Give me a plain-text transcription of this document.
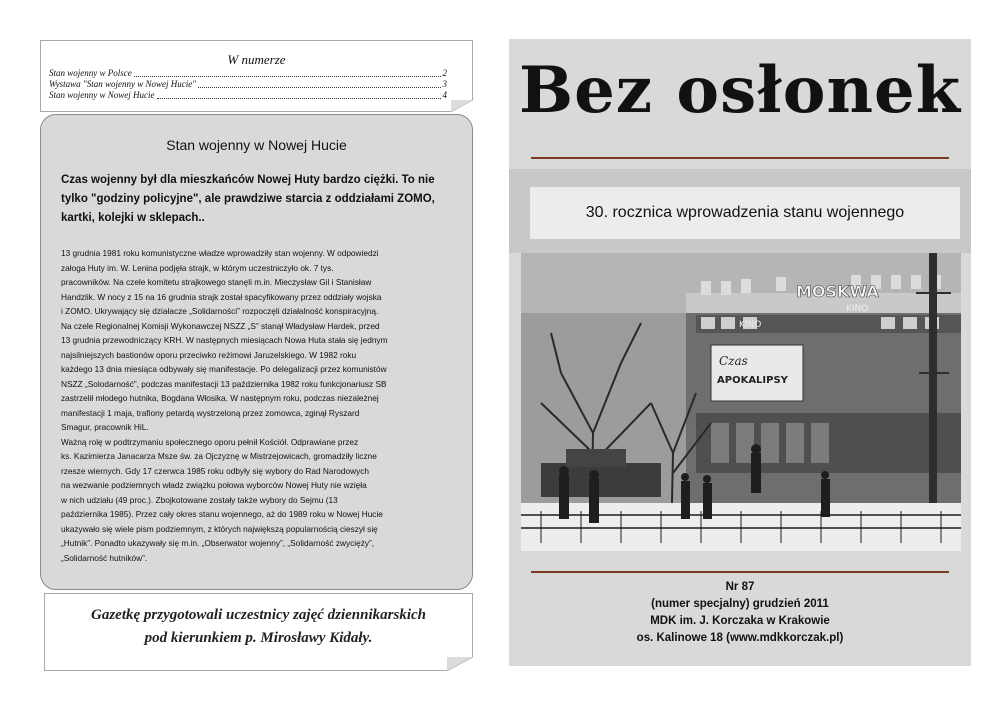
W numerze
Stan wojenny w Polsce	2
Wystawa "Stan wojenny w Nowej Hucie"	3
Stan wojenny w Nowej Hucie	4
Stan wojenny w Nowej Hucie
Czas wojenny był dla mieszkańców Nowej Huty bardzo ciężki. To nie tylko "godziny policyjne", ale prawdziwe starcia z oddziałami ZOMO, kartki, kolejki w sklepach..
13 grudnia 1981 roku komunistyczne władze wprowadziły stan wojenny. W odpowiedzi
załoga Huty im. W. Lenina podjęła strajk, w którym uczestniczyło ok. 7 tys.
pracowników. Na czele komitetu strajkowego stanęli m.in. Mieczysław Gil i Stanisław
Handzlik. W nocy z 15 na 16 grudnia strajk został spacyfikowany przez oddziały wojska
i ZOMO. Ukrywający się działacze „Solidarności” rozpoczęli działalność konspiracyjną.
Na czele Regionalnej Komisji Wykonawczej NSZZ „S” stanął Władysław Hardek, przed
13 grudnia przewodniczący KRH. W następnych miesiącach Nowa Huta stała się jednym
najsilniejszych bastionów oporu przeciwko reżimowi Jaruzelskiego. W 1982 roku
każdego 13 dnia miesiąca odbywały się manifestacje. Po delegalizacji przez komunistów
NSZZ „Solodarność”, podczas manifestacji 13 października 1982 roku funkcjonariusz SB
zastrzelił młodego hutnika, Bogdana Włosika. W następnym roku, podczas niezależnej
manifestacji 1 maja, trafiony petardą wystrzeloną przez zomowca, zginął Ryszard
Smagur, pracownik HiL.
Ważną rolę w podtrzymaniu społecznego oporu pełnił Kościół. Odprawiane przez
ks. Kazimierza Janacarza Msze św. za Ojczyznę w Mistrzejowicach, gromadziły liczne
rzesze wiernych. Gdy 17 czerwca 1985 roku odbyły się wybory do Rad Narodowych
na wezwanie podziemnych władz związku połowa wyborców Nowej Huty nie wzięła
w nich udziału (49 proc.). Zbojkotowane zostały także wybory do Sejmu (13
października 1985). Przez cały okres stanu wojennego, aż do 1989 roku w Nowej Hucie
ukazywało się wiele pism podziemnym, z których największą popularnością cieszył się
„Hutnik”. Ponadto ukazywały się m.in. „Obserwator wojenny”, „Solidarność zwycięży”,
„Solidarność hutników”.
Gazetkę przygotowali uczestnicy zajęć dziennikarskich
pod kierunkiem p. Mirosławy Kidały.
Bez osłonek
30. rocznica wprowadzenia stanu wojennego
MOSKWA
KINO
KINO
Czas
APOKALIPSY
Nr 87
(numer specjalny) grudzień 2011
MDK im. J. Korczaka w Krakowie
os. Kalinowe 18 (www.mdkkorczak.pl)
